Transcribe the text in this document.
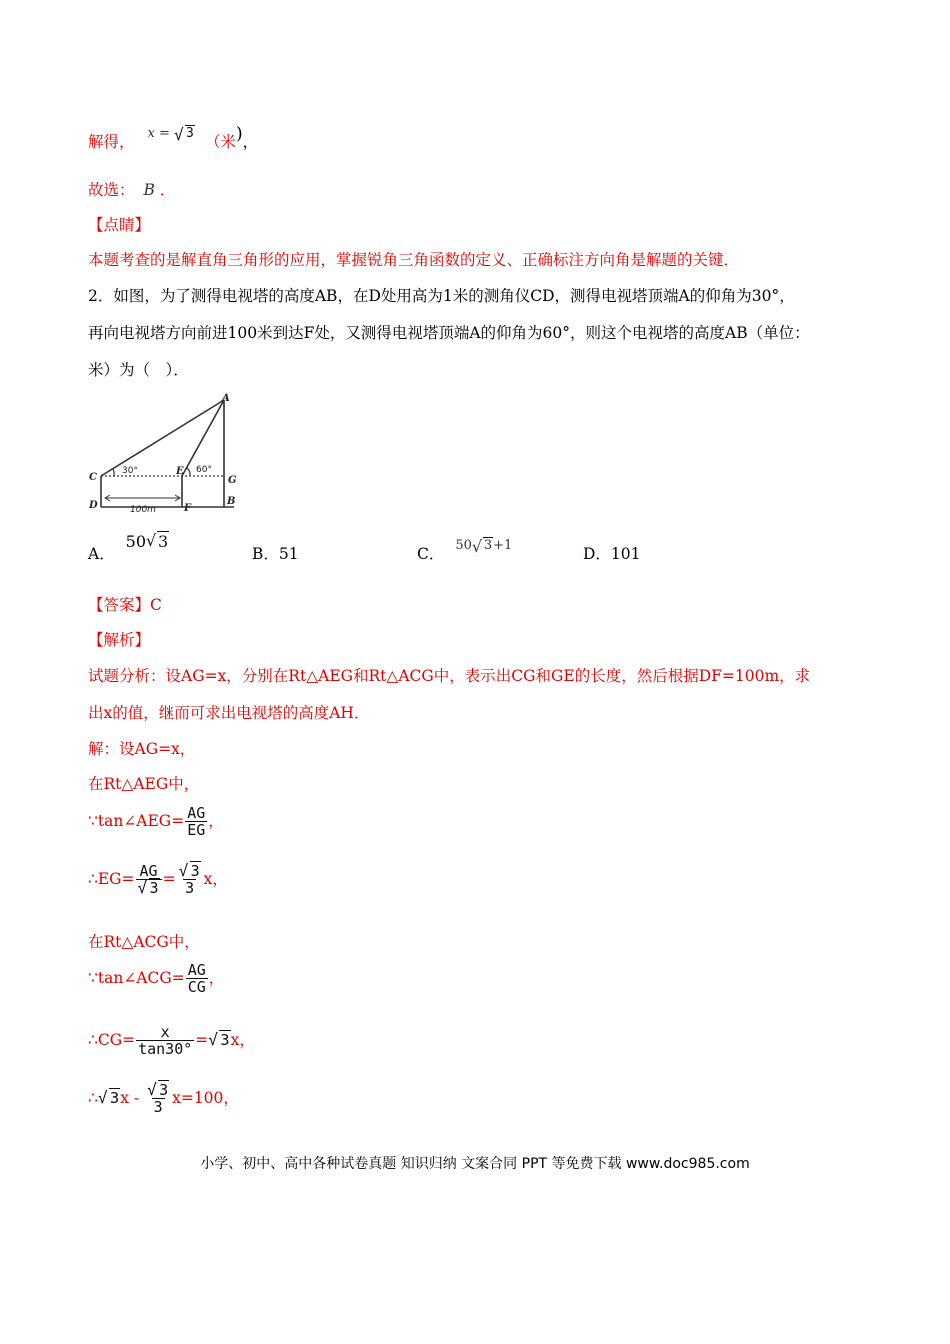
解得， $^{x = √ 3}$ （米)，
故选： B ．
【点睛】
本题考查的是解直角三角形的应用，掌握锐角三角函数的定义、正确标注方向角是解题的关键．
2．如图，为了测得电视塔的高度AB，在D处用高为1米的测角仪CD，测得电视塔顶端A的仰角为30°，
再向电视塔方向前进100米到达F处，又测得电视塔顶端A的仰角为60°，则这个电视塔的高度AB（单位：
米）为（　）．
A
C
D
E
F
G
B
30°	60°
100m
A． 50 √ 3
B．51	C． $^{50 √ 3+1}$	D．101
【答案】C
【解析】
试题分析：设AG=x，分别在Rt△AEG和Rt△ACG中，表示出CG和GE的长度，然后根据DF=100m，求
出x的值，继而可求出电视塔的高度AH．
解：设AG=x，
在Rt△AEG中，
∵tan∠AEG= $\frac{AG}{EG}$ ，
∴EG= AG
√ 3 = √ $\frac{3}{3}$ x，
在Rt△ACG中，
∵tan∠ACG= $\frac{AG}{CG}$ ，
∴CG= $\frac{x}{\tan 30^\circ}$ = √ 3x，
∴ √ 3x - √ $\frac{3}{3} x=100$，
小学、初中、高中各种试卷真题 知识归纳 文案合同 PPT 等免费下载 www.doc985.com
